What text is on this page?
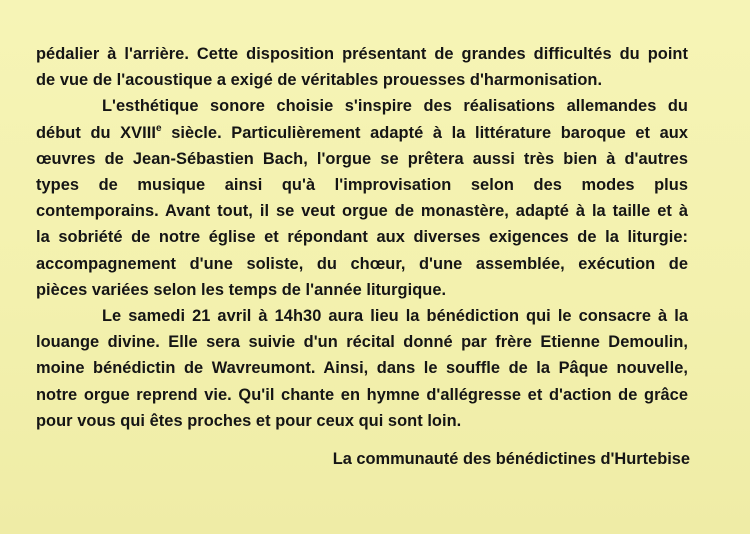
pédalier à l'arrière. Cette disposition présentant de grandes difficultés du point
de vue de l'acoustique a exigé de véritables prouesses d'harmonisation.

L'esthétique sonore choisie s'inspire des réalisations allemandes du
début du XVIIIe siècle. Particulièrement adapté à la littérature baroque et aux
œuvres de Jean-Sébastien Bach, l'orgue se prêtera aussi très bien à d'autres
types de musique ainsi qu'à l'improvisation selon des modes plus
contemporains. Avant tout, il se veut orgue de monastère, adapté à la taille et à
la sobriété de notre église et répondant aux diverses exigences de la liturgie:
accompagnement d'une soliste, du chœur, d'une assemblée, exécution de
pièces variées selon les temps de l'année liturgique.

Le samedi 21 avril à 14h30 aura lieu la bénédiction qui le consacre à la
louange divine. Elle sera suivie d'un récital donné par frère Etienne Demoulin,
moine bénédictin de Wavreumont. Ainsi, dans le souffle de la Pâque nouvelle,
notre orgue reprend vie. Qu'il chante en hymne d'allégresse et d'action de grâce
pour vous qui êtes proches et pour ceux qui sont loin.

La communauté des bénédictines d'Hurtebise
